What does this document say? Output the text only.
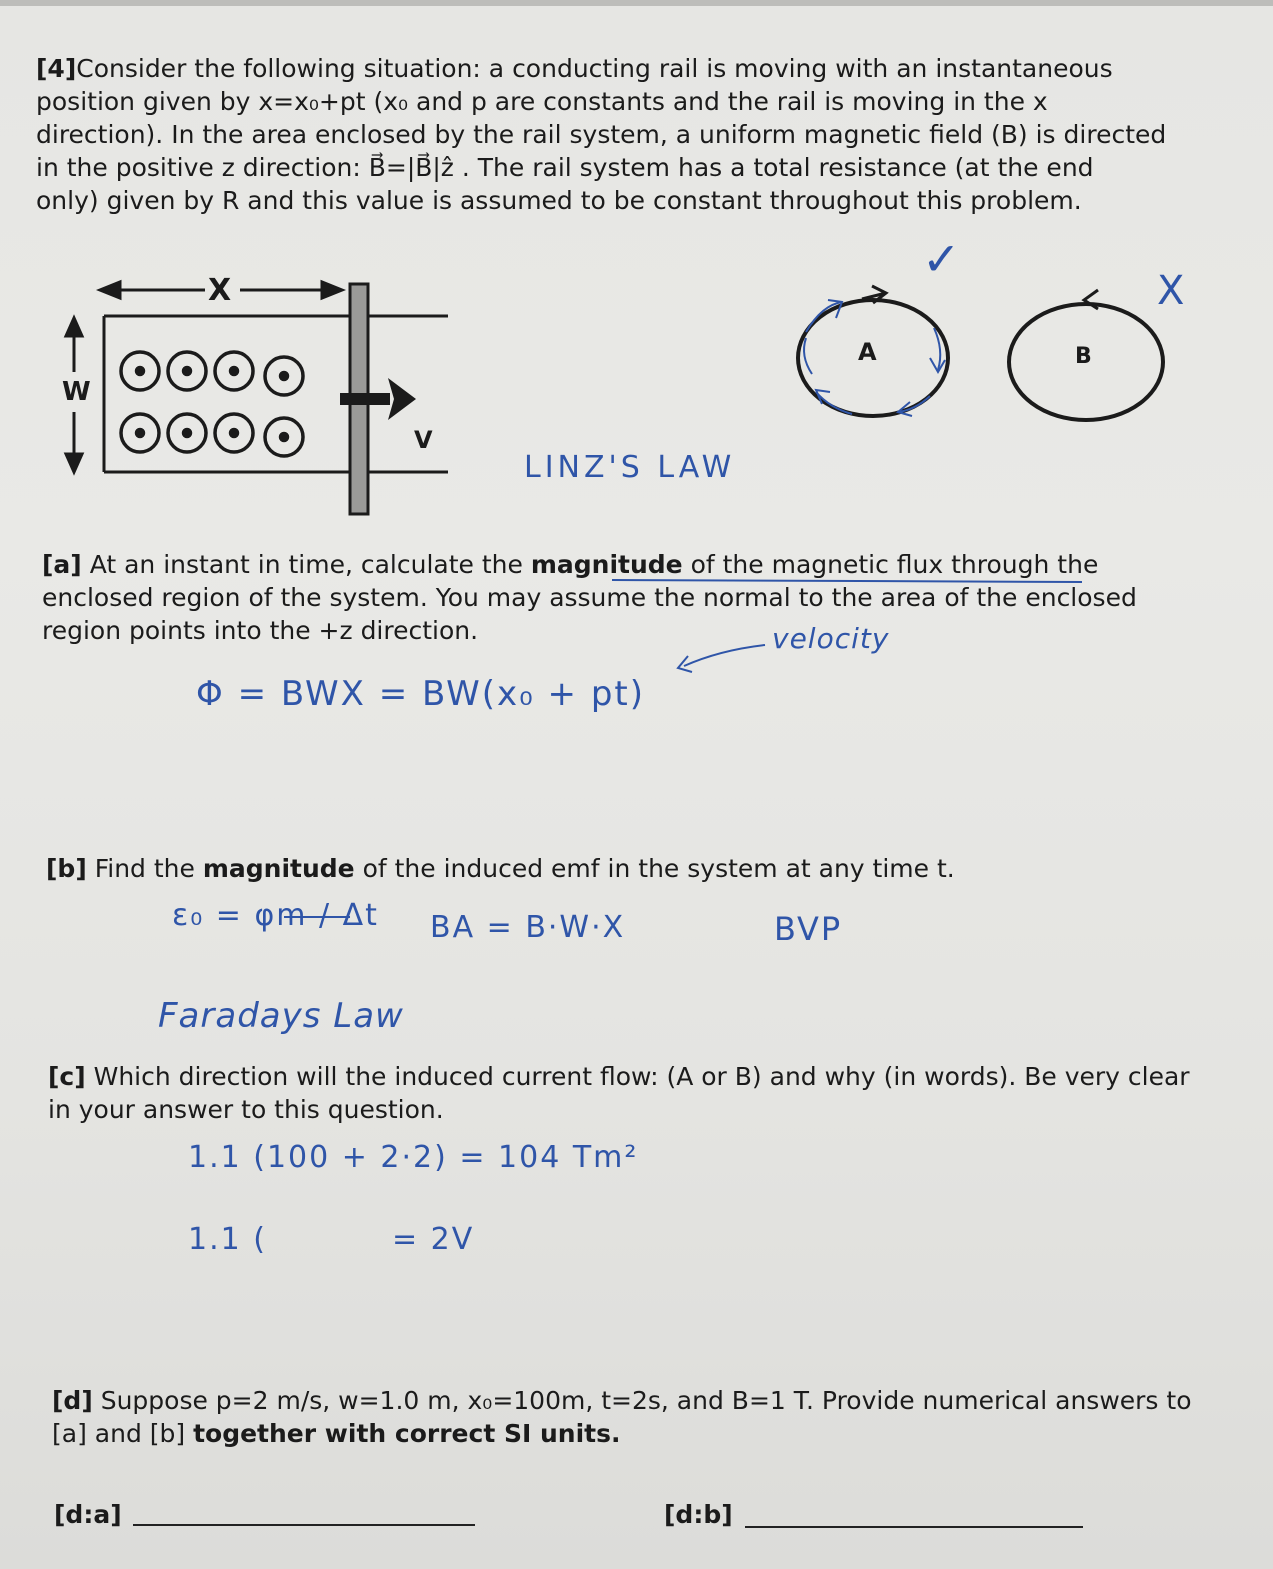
[4]Consider the following situation: a conducting rail is moving with an instantaneous
position given by x=x₀+pt (x₀ and p are constants and the rail is moving in the x
direction). In the area enclosed by the rail system, a uniform magnetic field (B) is directed
in the positive z direction: B⃗=|B⃗|ẑ . The rail system has a total resistance (at the end
only) given by R and this value is assumed to be constant throughout this problem.
X
W
V
A	B
✓
X
LINZ'S LAW
[a] At an instant in time, calculate the magnitude of the magnetic flux through the
enclosed region of the system. You may assume the normal to the area of the enclosed
region points into the +z direction.	velocity
Φ = BWX = BW(x₀ + pt)
[b] Find the magnitude of the induced emf in the system at any time t.
ε₀ = φm / Δt BA = B·W·X	BVP
Faradays Law
[c] Which direction will the induced current flow: (A or B) and why (in words). Be very clear
in your answer to this question.
1.1 (100 + 2·2) = 104 Tm²
1.1 (	= 2V
[d] Suppose p=2 m/s, w=1.0 m, x₀=100m, t=2s, and B=1 T. Provide numerical answers to
[a] and [b] together with correct SI units.
[d:a]	[d:b]
